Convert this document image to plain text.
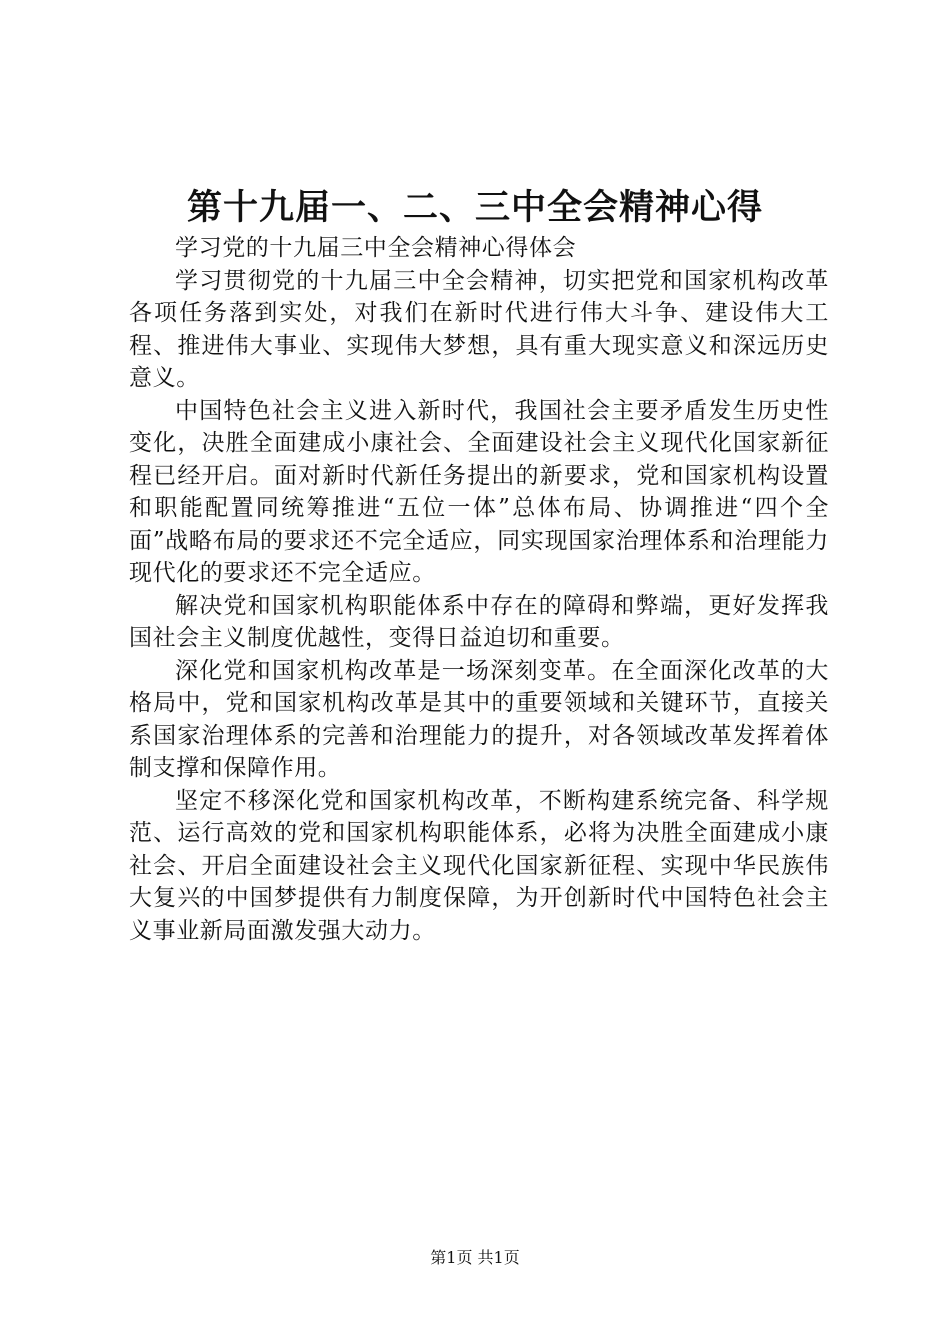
第十九届一、二、三中全会精神心得

学习党的十九届三中全会精神心得体会

学习贯彻党的十九届三中全会精神，切实把党和国家机构改革各项任务落到实处，对我们在新时代进行伟大斗争、建设伟大工程、推进伟大事业、实现伟大梦想，具有重大现实意义和深远历史意义。

中国特色社会主义进入新时代，我国社会主要矛盾发生历史性变化，决胜全面建成小康社会、全面建设社会主义现代化国家新征程已经开启。面对新时代新任务提出的新要求，党和国家机构设置和职能配置同统筹推进“五位一体”总体布局、协调推进“四个全面”战略布局的要求还不完全适应，同实现国家治理体系和治理能力现代化的要求还不完全适应。

解决党和国家机构职能体系中存在的障碍和弊端，更好发挥我国社会主义制度优越性，变得日益迫切和重要。

深化党和国家机构改革是一场深刻变革。在全面深化改革的大格局中，党和国家机构改革是其中的重要领域和关键环节，直接关系国家治理体系的完善和治理能力的提升，对各领域改革发挥着体制支撑和保障作用。

坚定不移深化党和国家机构改革，不断构建系统完备、科学规范、运行高效的党和国家机构职能体系，必将为决胜全面建成小康社会、开启全面建设社会主义现代化国家新征程、实现中华民族伟大复兴的中国梦提供有力制度保障，为开创新时代中国特色社会主义事业新局面激发强大动力。

第1页 共1页
